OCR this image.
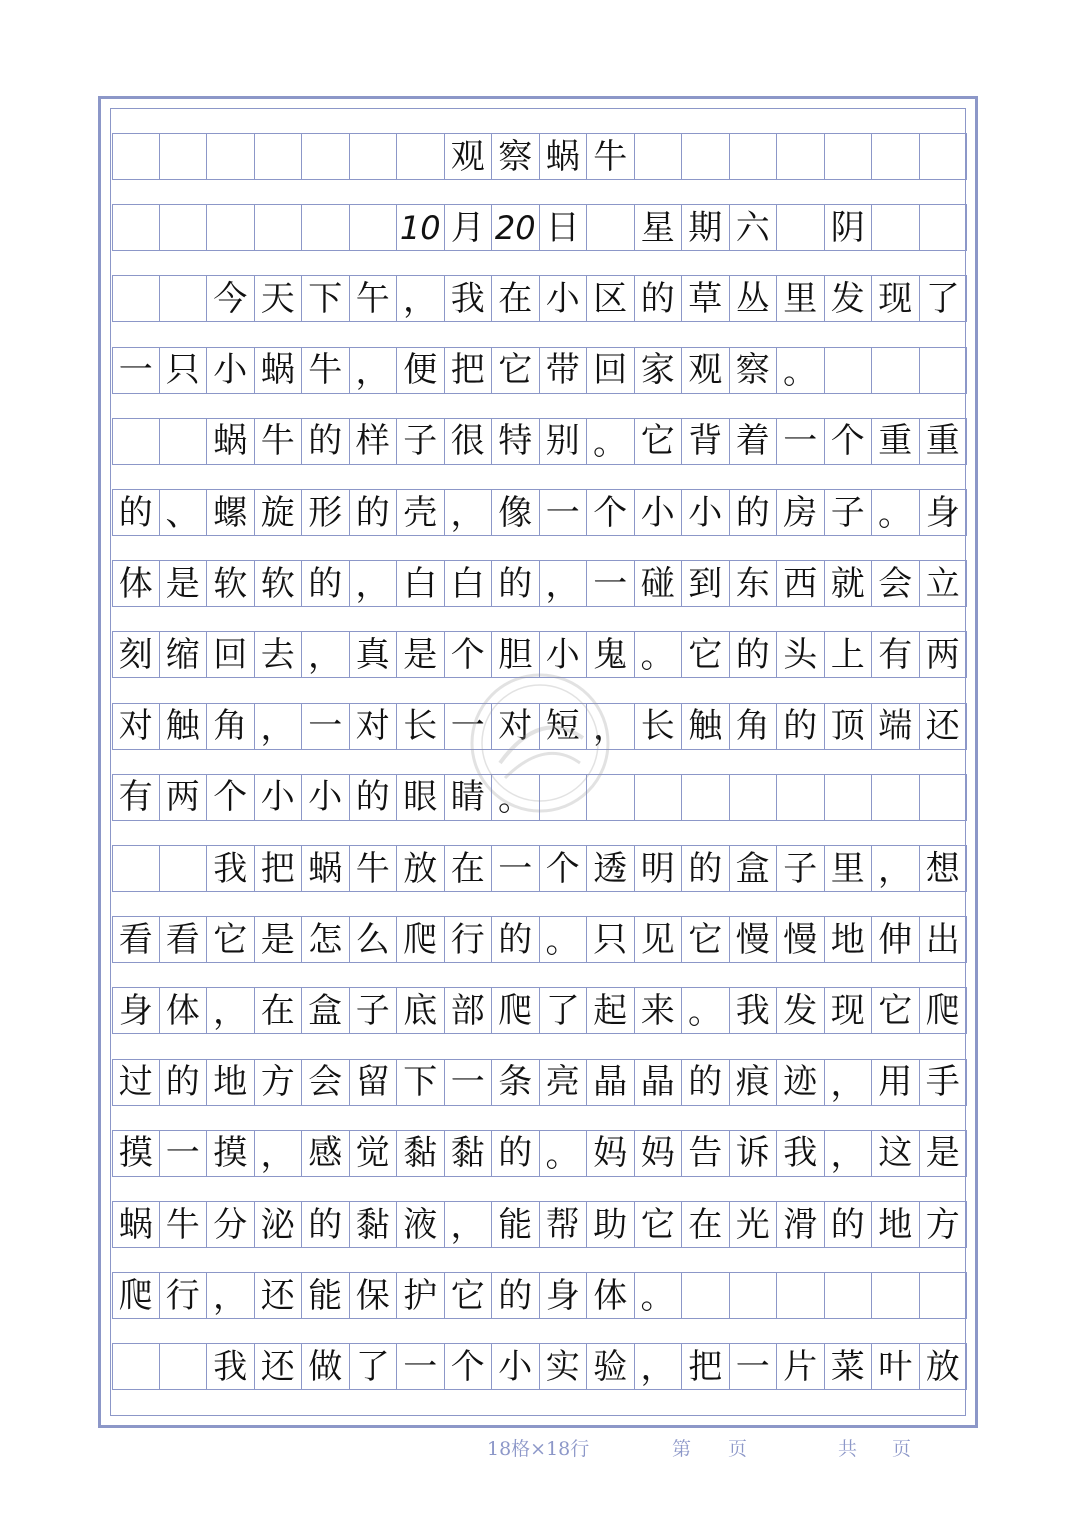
观 察 蜗 牛
10 月 20 日 星 期 六 阴
今 天 下 午 ， 我 在 小 区 的 草 丛 里 发 现 了
一 只 小 蜗 牛 ， 便 把 它 带 回 家 观 察 。
蜗 牛 的 样 子 很 特 别 。 它 背 着 一 个 重 重
的 、 螺 旋 形 的 壳 ， 像 一 个 小 小 的 房 子 。 身
体 是 软 软 的 ， 白 白 的 ， 一 碰 到 东 西 就 会 立
刻 缩 回 去 ， 真 是 个 胆 小 鬼 。 它 的 头 上 有 两
对 触 角 ， 一 对 长 一 对 短 ， 长 触 角 的 顶 端 还
有 两 个 小 小 的 眼 睛 。
我 把 蜗 牛 放 在 一 个 透 明 的 盒 子 里 ， 想
看 看 它 是 怎 么 爬 行 的 。 只 见 它 慢 慢 地 伸 出
身 体 ， 在 盒 子 底 部 爬 了 起 来 。 我 发 现 它 爬
过 的 地 方 会 留 下 一 条 亮 晶 晶 的 痕 迹 ， 用 手
摸 一 摸 ， 感 觉 黏 黏 的 。 妈 妈 告 诉 我 ， 这 是
蜗 牛 分 泌 的 黏 液 ， 能 帮 助 它 在 光 滑 的 地 方
爬 行 ， 还 能 保 护 它 的 身 体 。
我 还 做 了 一 个 小 实 验 ， 把 一 片 菜 叶 放
18格×18行	第 页	共 页
